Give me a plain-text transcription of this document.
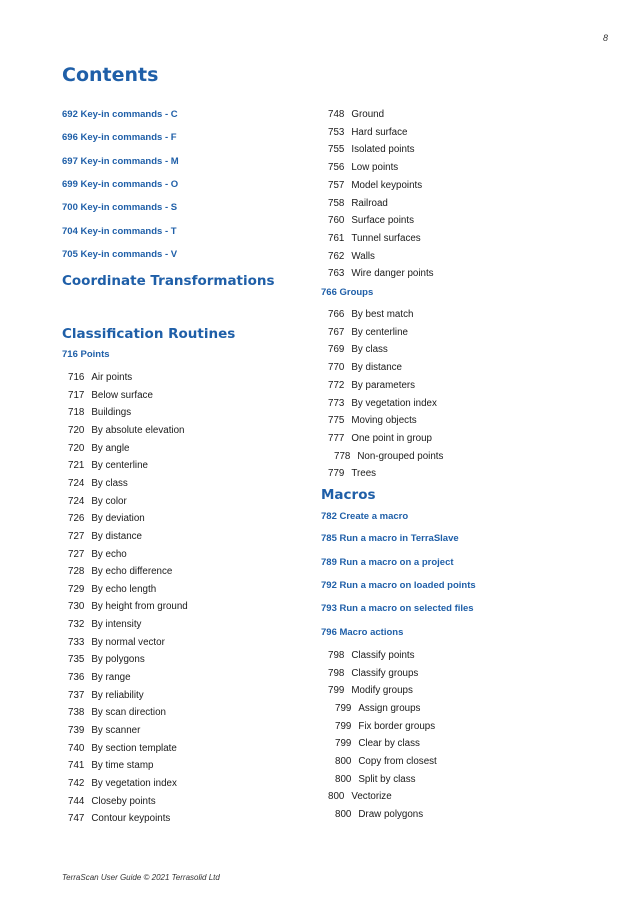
8
Contents
692 Key-in commands - C
696 Key-in commands - F
697 Key-in commands - M
699 Key-in commands - O
700 Key-in commands - S
704 Key-in commands - T
705 Key-in commands - V
716 Points
716 Air points
717 Below surface
718 Buildings
720 By absolute elevation
720 By angle
721 By centerline
724 By class
724 By color
726 By deviation
727 By distance
727 By echo
728 By echo difference
729 By echo length
730 By height from ground
732 By intensity
733 By normal vector
735 By polygons
736 By range
737 By reliability
738 By scan direction
739 By scanner
740 By section template
741 By time stamp
742 By vegetation index
744 Closeby points
747 Contour keypoints
748 Ground
753 Hard surface
755 Isolated points
756 Low points
757 Model keypoints
758 Railroad
760 Surface points
761 Tunnel surfaces
762 Walls
763 Wire danger points
766 Groups
766 By best match
767 By centerline
769 By class
770 By distance
772 By parameters
773 By vegetation index
775 Moving objects
777 One point in group
778 Non-grouped points
779 Trees
782 Create a macro
785 Run a macro in TerraSlave
789 Run a macro on a project
792 Run a macro on loaded points
793 Run a macro on selected files
796 Macro actions
798 Classify points
798 Classify groups
799 Modify groups
799 Assign groups
799 Fix border groups
799 Clear by class
800 Copy from closest
800 Split by class
800 Vectorize
800 Draw polygons
Coordinate Transformations
Classification Routines
Macros
TerraScan User Guide © 2021 Terrasolid Ltd
